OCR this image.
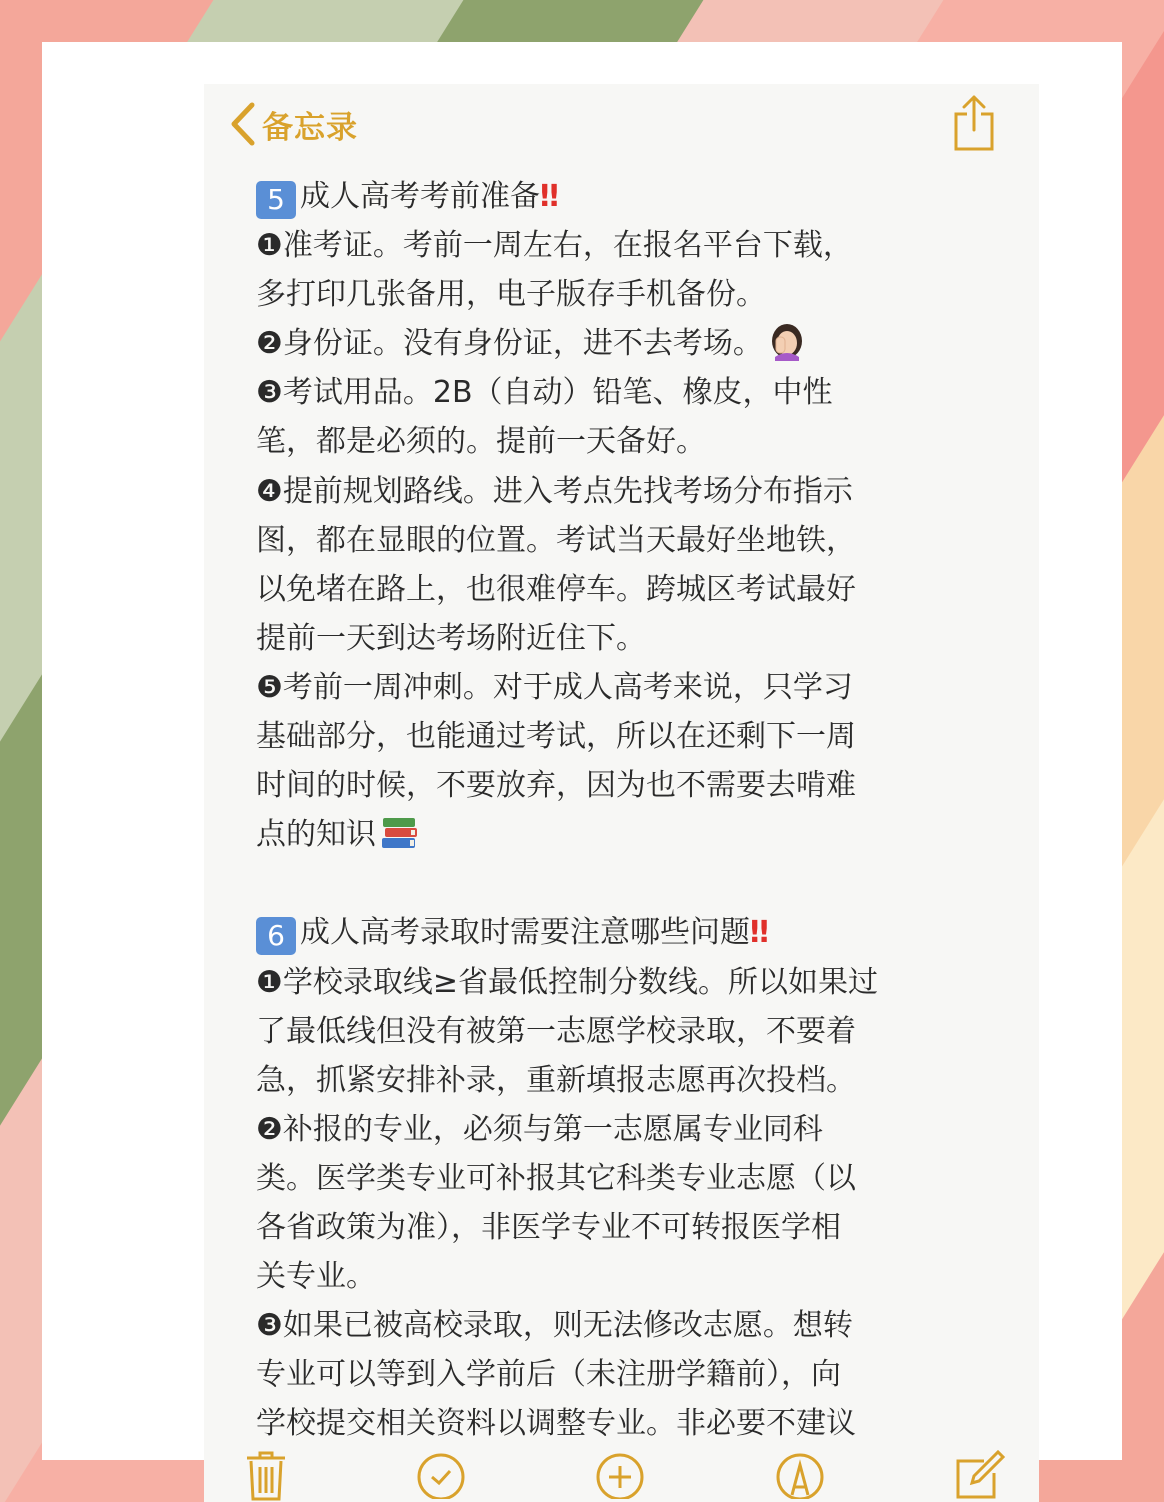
备忘录
5 成人高考考前准备‼
❶准考证。考前一周左右，在报名平台下载，
多打印几张备用，电子版存手机备份。
❷身份证。没有身份证，进不去考场。
❸考试用品。2B（自动）铅笔、橡皮，中性
笔，都是必须的。提前一天备好。
❹提前规划路线。进入考点先找考场分布指示
图，都在显眼的位置。考试当天最好坐地铁，
以免堵在路上，也很难停车。跨城区考试最好
提前一天到达考场附近住下。
❺考前一周冲刺。对于成人高考来说，只学习
基础部分，也能通过考试，所以在还剩下一周
时间的时候，不要放弃，因为也不需要去啃难
点的知识
6 成人高考录取时需要注意哪些问题‼
❶学校录取线≥省最低控制分数线。所以如果过
了最低线但没有被第一志愿学校录取，不要着
急，抓紧安排补录，重新填报志愿再次投档。
❷补报的专业，必须与第一志愿属专业同科
类。医学类专业可补报其它科类专业志愿（以
各省政策为准），非医学专业不可转报医学相
关专业。
❸如果已被高校录取，则无法修改志愿。想转
专业可以等到入学前后（未注册学籍前），向
学校提交相关资料以调整专业。非必要不建议
